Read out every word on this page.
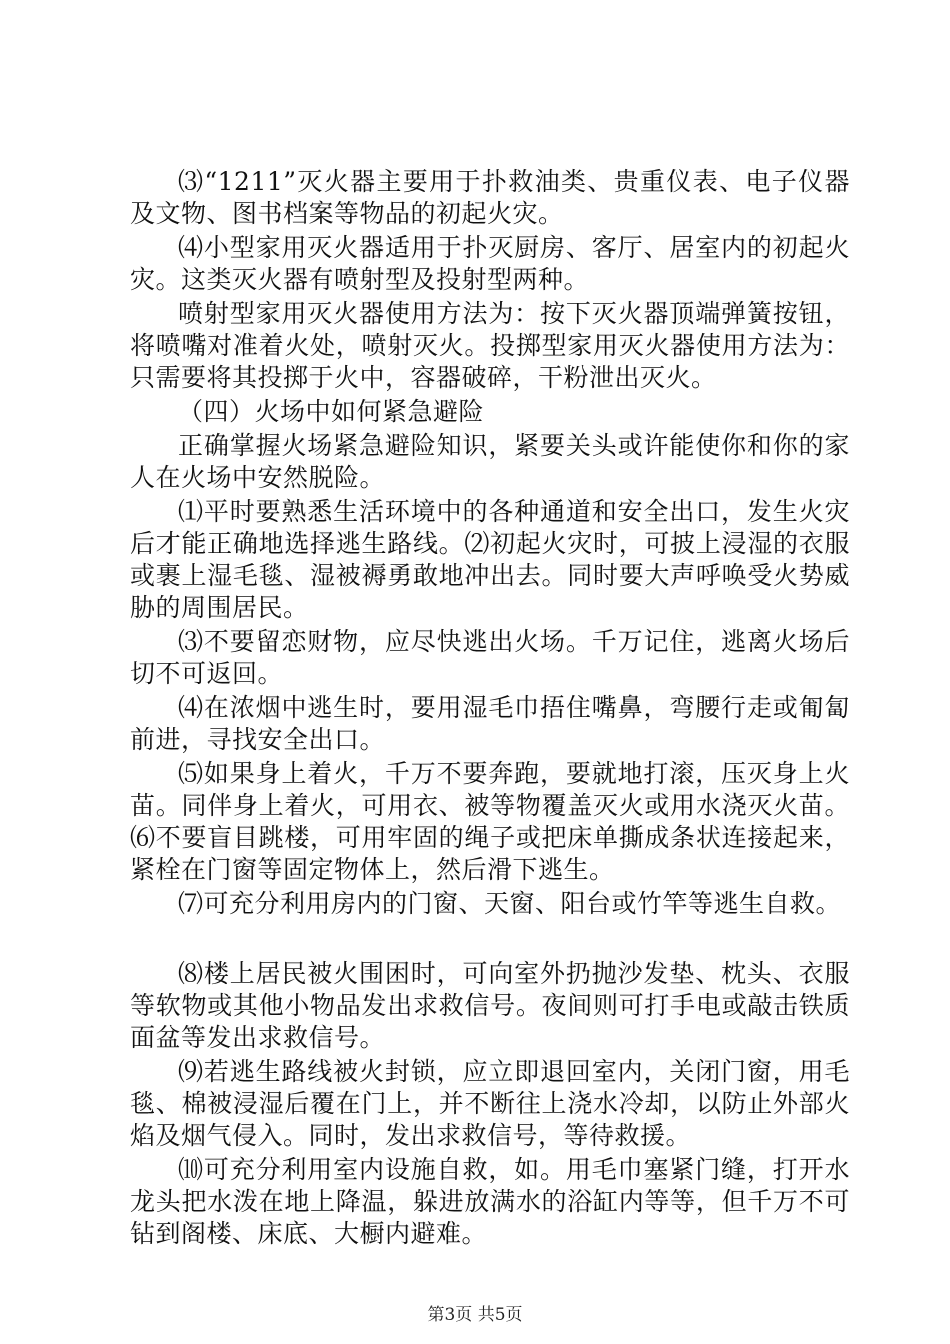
⑶“1211”灭火器主要用于扑救油类、贵重仪表、电子仪器及文物、图书档案等物品的初起火灾。

⑷小型家用灭火器适用于扑灭厨房、客厅、居室内的初起火灾。这类灭火器有喷射型及投射型两种。

喷射型家用灭火器使用方法为：按下灭火器顶端弹簧按钮，将喷嘴对准着火处，喷射灭火。投掷型家用灭火器使用方法为：只需要将其投掷于火中，容器破碎，干粉泄出灭火。

（四）火场中如何紧急避险

正确掌握火场紧急避险知识，紧要关头或许能使你和你的家人在火场中安然脱险。

⑴平时要熟悉生活环境中的各种通道和安全出口，发生火灾后才能正确地选择逃生路线。⑵初起火灾时，可披上浸湿的衣服或裹上湿毛毯、湿被褥勇敢地冲出去。同时要大声呼唤受火势威胁的周围居民。

⑶不要留恋财物，应尽快逃出火场。千万记住，逃离火场后切不可返回。

⑷在浓烟中逃生时，要用湿毛巾捂住嘴鼻，弯腰行走或匍匐前进，寻找安全出口。

⑸如果身上着火，千万不要奔跑，要就地打滚，压灭身上火苗。同伴身上着火，可用衣、被等物覆盖灭火或用水浇灭火苗。⑹不要盲目跳楼，可用牢固的绳子或把床单撕成条状连接起来，紧栓在门窗等固定物体上，然后滑下逃生。

⑺可充分利用房内的门窗、天窗、阳台或竹竿等逃生自救。

⑻楼上居民被火围困时，可向室外扔抛沙发垫、枕头、衣服等软物或其他小物品发出求救信号。夜间则可打手电或敲击铁质面盆等发出求救信号。

⑼若逃生路线被火封锁，应立即退回室内，关闭门窗，用毛毯、棉被浸湿后覆在门上，并不断往上浇水冷却，以防止外部火焰及烟气侵入。同时，发出求救信号，等待救援。

⑽可充分利用室内设施自救，如。用毛巾塞紧门缝，打开水龙头把水泼在地上降温，躲进放满水的浴缸内等等，但千万不可钻到阁楼、床底、大橱内避难。

第3页 共5页
